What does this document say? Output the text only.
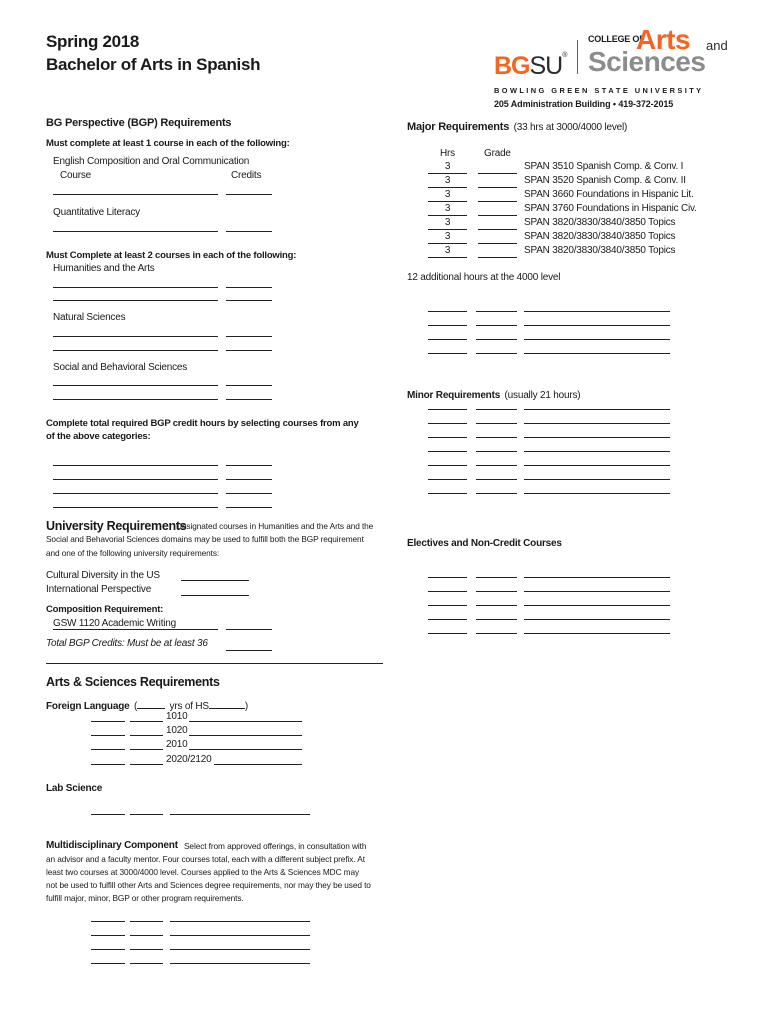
Spring 2018
Bachelor of Arts in Spanish	BGSU®
COLLEGE OF
Arts and
Sciences
B O W L I N G   G R E E N   S T A T E   U N I V E R S I T Y
205 Administration Building • 419-372-2015
BG Perspective (BGP) Requirements
Must complete at least 1 course in each of the following:
English Composition and Oral Communication
Course	Credits
Quantitative Literacy
Must Complete at least 2 courses in each of the following:
Humanities and the Arts
Natural Sciences
Social and Behavioral Sciences
Complete total required BGP credit hours by selecting courses from any
of the above categories:
University Requirements
Designated courses in Humanities and the Arts and the
Social and Behavorial Sciences domains may be used to fulfill both the BGP requirement
and one of the following university requirements:
Cultural Diversity in the US
International Perspective
Composition Requirement:
GSW 1120 Academic Writing
Total BGP Credits: Must be at least 36
Arts & Sciences Requirements
Foreign Language (	yrs of HS	)
1010
1020
2010
2020/2120
Lab Science
Multidisciplinary Component Select from approved offerings, in consultation with
an advisor and a faculty mentor. Four courses total, each with a different subject prefix. At
least two courses at 3000/4000 level. Courses applied to the Arts & Sciences MDC may
not be used to fulfill other Arts and Sciences degree requirements, nor may they be used to
fulfill major, minor, BGP or other program requirements.
Major Requirements (33 hrs at 3000/4000 level)
Hrs	Grade
3	SPAN 3510 Spanish Comp. & Conv. I
3	SPAN 3520 Spanish Comp. & Conv. II
3	SPAN 3660 Foundations in Hispanic Lit.
3	SPAN 3760 Foundations in Hispanic Civ.
3	SPAN 3820/3830/3840/3850 Topics
3	SPAN 3820/3830/3840/3850 Topics
3	SPAN 3820/3830/3840/3850 Topics
12 additional hours at the 4000 level
Minor Requirements (usually 21 hours)
Electives and Non-Credit Courses
